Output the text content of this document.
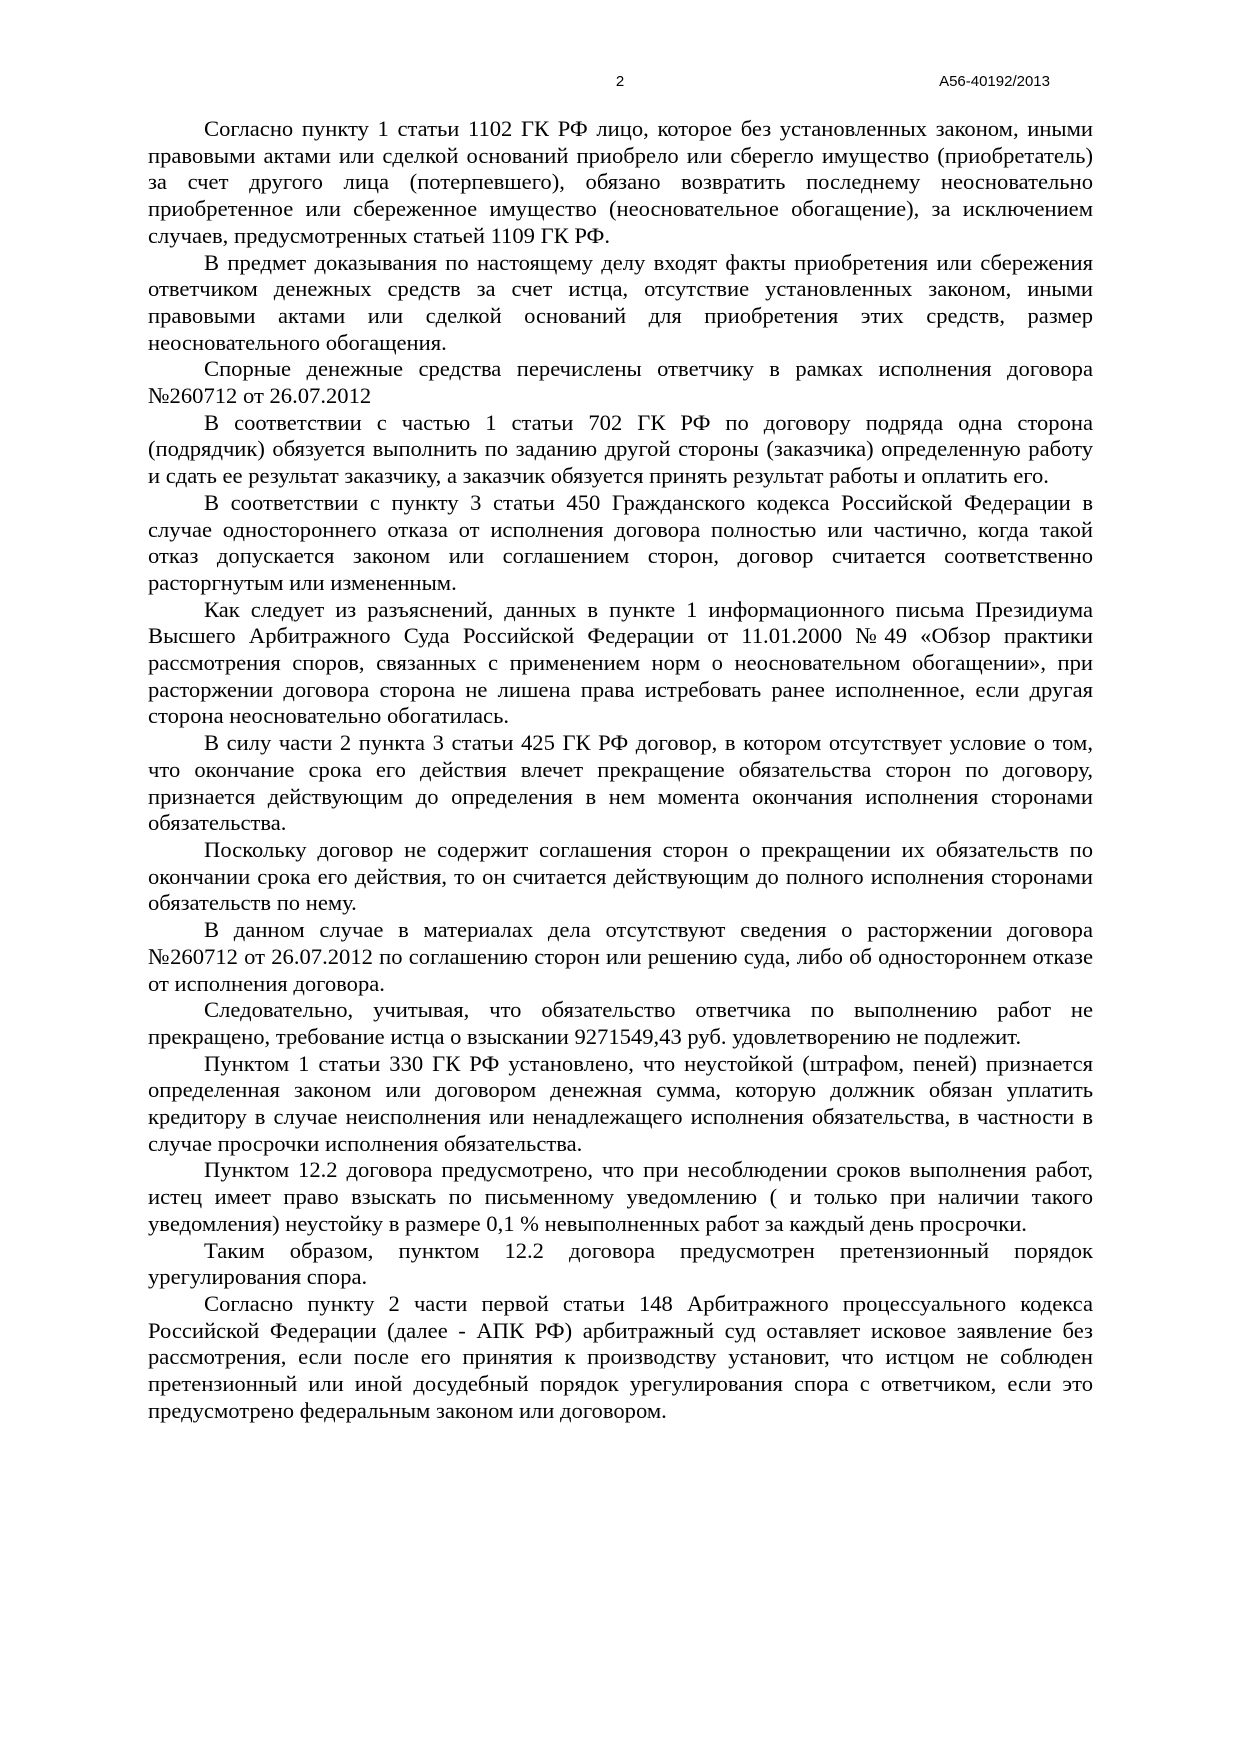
2	А56-40192/2013

Согласно пункту 1 статьи 1102 ГК РФ лицо, которое без установленных законом, иными правовыми актами или сделкой оснований приобрело или сберегло имущество (приобретатель) за счет другого лица (потерпевшего), обязано возвратить последнему неосновательно приобретенное или сбереженное имущество (неосновательное обогащение), за исключением случаев, предусмотренных статьей 1109 ГК РФ.

В предмет доказывания по настоящему делу входят факты приобретения или сбережения ответчиком денежных средств за счет истца, отсутствие установленных законом, иными правовыми актами или сделкой оснований для приобретения этих средств, размер неосновательного обогащения.

Спорные денежные средства перечислены ответчику в рамках исполнения договора №260712 от 26.07.2012

В соответствии с частью 1 статьи 702 ГК РФ по договору подряда одна сторона (подрядчик) обязуется выполнить по заданию другой стороны (заказчика) определенную работу и сдать ее результат заказчику, а заказчик обязуется принять результат работы и оплатить его.

В соответствии с пункту 3 статьи 450 Гражданского кодекса Российской Федерации в случае одностороннего отказа от исполнения договора полностью или частично, когда такой отказ допускается законом или соглашением сторон, договор считается соответственно расторгнутым или измененным.

Как следует из разъяснений, данных в пункте 1 информационного письма Президиума Высшего Арбитражного Суда Российской Федерации от 11.01.2000 №49 «Обзор практики рассмотрения споров, связанных с применением норм о неосновательном обогащении», при расторжении договора сторона не лишена права истребовать ранее исполненное, если другая сторона неосновательно обогатилась.

В силу части 2 пункта 3 статьи 425 ГК РФ договор, в котором отсутствует условие о том, что окончание срока его действия влечет прекращение обязательства сторон по договору, признается действующим до определения в нем момента окончания исполнения сторонами обязательства.

Поскольку договор не содержит соглашения сторон о прекращении их обязательств по окончании срока его действия, то он считается действующим до полного исполнения сторонами обязательств по нему.

В данном случае в материалах дела отсутствуют сведения о расторжении договора №260712 от 26.07.2012 по соглашению сторон или решению суда, либо об одностороннем отказе от исполнения договора.

Следовательно, учитывая, что обязательство ответчика по выполнению работ не прекращено, требование истца о взыскании 9271549,43 руб. удовлетворению не подлежит.

Пунктом 1 статьи 330 ГК РФ установлено, что неустойкой (штрафом, пеней) признается определенная законом или договором денежная сумма, которую должник обязан уплатить кредитору в случае неисполнения или ненадлежащего исполнения обязательства, в частности в случае просрочки исполнения обязательства.

Пунктом 12.2 договора предусмотрено, что при несоблюдении сроков выполнения работ, истец имеет право взыскать по письменному уведомлению ( и только при наличии такого уведомления) неустойку в размере 0,1 % невыполненных работ за каждый день просрочки.

Таким образом, пунктом 12.2 договора предусмотрен претензионный порядок урегулирования спора.

Согласно пункту 2 части первой статьи 148 Арбитражного процессуального кодекса Российской Федерации (далее - АПК РФ) арбитражный суд оставляет исковое заявление без рассмотрения, если после его принятия к производству установит, что истцом не соблюден претензионный или иной досудебный порядок урегулирования спора с ответчиком, если это предусмотрено федеральным законом или договором.
